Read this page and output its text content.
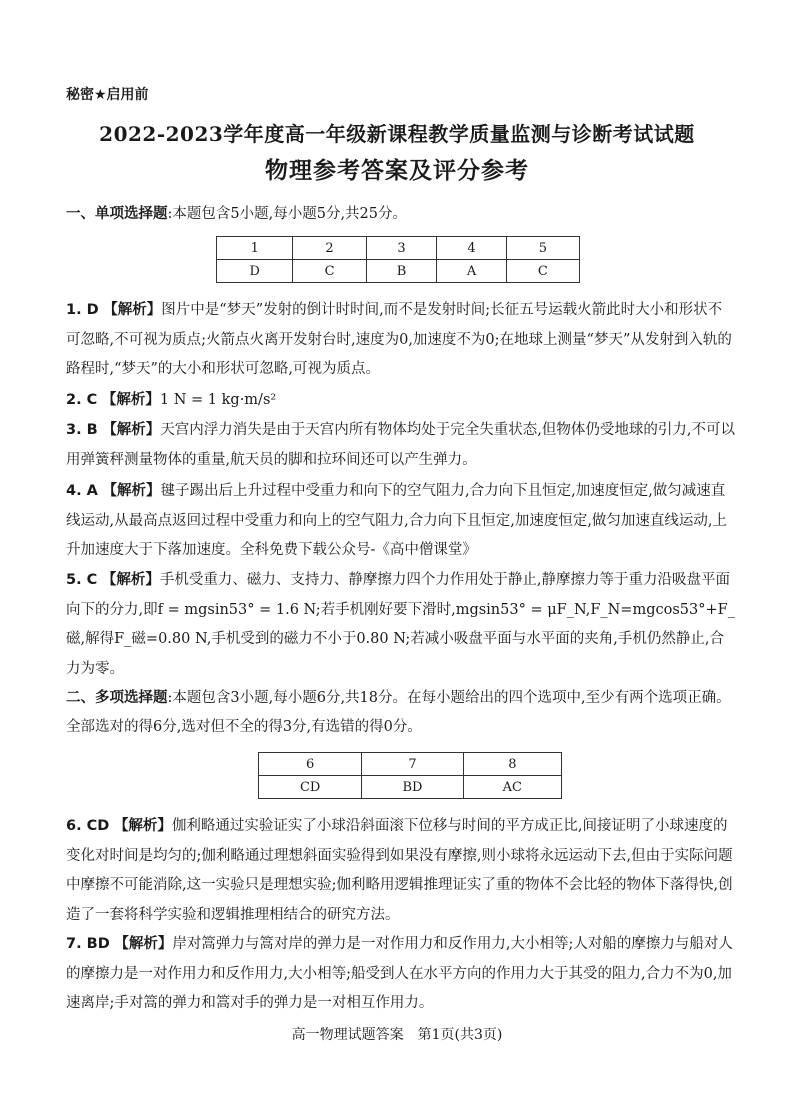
秘密★启用前
2022-2023学年度高一年级新课程教学质量监测与诊断考试试题
物理参考答案及评分参考
一、单项选择题:本题包含5小题,每小题5分,共25分。
1	2	3	4	5
D	C	B	A	C
1. D 【解析】图片中是“梦天”发射的倒计时时间,而不是发射时间;长征五号运载火箭此时大小和形状不可忽略,不可视为质点;火箭点火离开发射台时,速度为0,加速度不为0;在地球上测量“梦天”从发射到入轨的路程时,“梦天”的大小和形状可忽略,可视为质点。
2. C 【解析】1 N = 1 kg·m/s²
3. B 【解析】天宫内浮力消失是由于天宫内所有物体均处于完全失重状态,但物体仍受地球的引力,不可以用弹簧秤测量物体的重量,航天员的脚和拉环间还可以产生弹力。
4. A 【解析】毽子踢出后上升过程中受重力和向下的空气阻力,合力向下且恒定,加速度恒定,做匀减速直线运动,从最高点返回过程中受重力和向上的空气阻力,合力向下且恒定,加速度恒定,做匀加速直线运动,上升加速度大于下落加速度。全科免费下载公众号-《高中僧课堂》
5. C 【解析】手机受重力、磁力、支持力、静摩擦力四个力作用处于静止,静摩擦力等于重力沿吸盘平面向下的分力,即f = mgsin53° = 1.6 N;若手机刚好要下滑时,mgsin53° = μF_N,F_N=mgcos53°+F_磁,解得F_磁=0.80 N,手机受到的磁力不小于0.80 N;若减小吸盘平面与水平面的夹角,手机仍然静止,合力为零。
二、多项选择题:本题包含3小题,每小题6分,共18分。在每小题给出的四个选项中,至少有两个选项正确。全部选对的得6分,选对但不全的得3分,有选错的得0分。
6	7	8
CD	BD	AC
6. CD 【解析】伽利略通过实验证实了小球沿斜面滚下位移与时间的平方成正比,间接证明了小球速度的变化对时间是均匀的;伽利略通过理想斜面实验得到如果没有摩擦,则小球将永远运动下去,但由于实际问题中摩擦不可能消除,这一实验只是理想实验;伽利略用逻辑推理证实了重的物体不会比轻的物体下落得快,创造了一套将科学实验和逻辑推理相结合的研究方法。
7. BD 【解析】岸对篙弹力与篙对岸的弹力是一对作用力和反作用力,大小相等;人对船的摩擦力与船对人的摩擦力是一对作用力和反作用力,大小相等;船受到人在水平方向的作用力大于其受的阻力,合力不为0,加速离岸;手对篙的弹力和篙对手的弹力是一对相互作用力。
高一物理试题答案　第1页(共3页)
